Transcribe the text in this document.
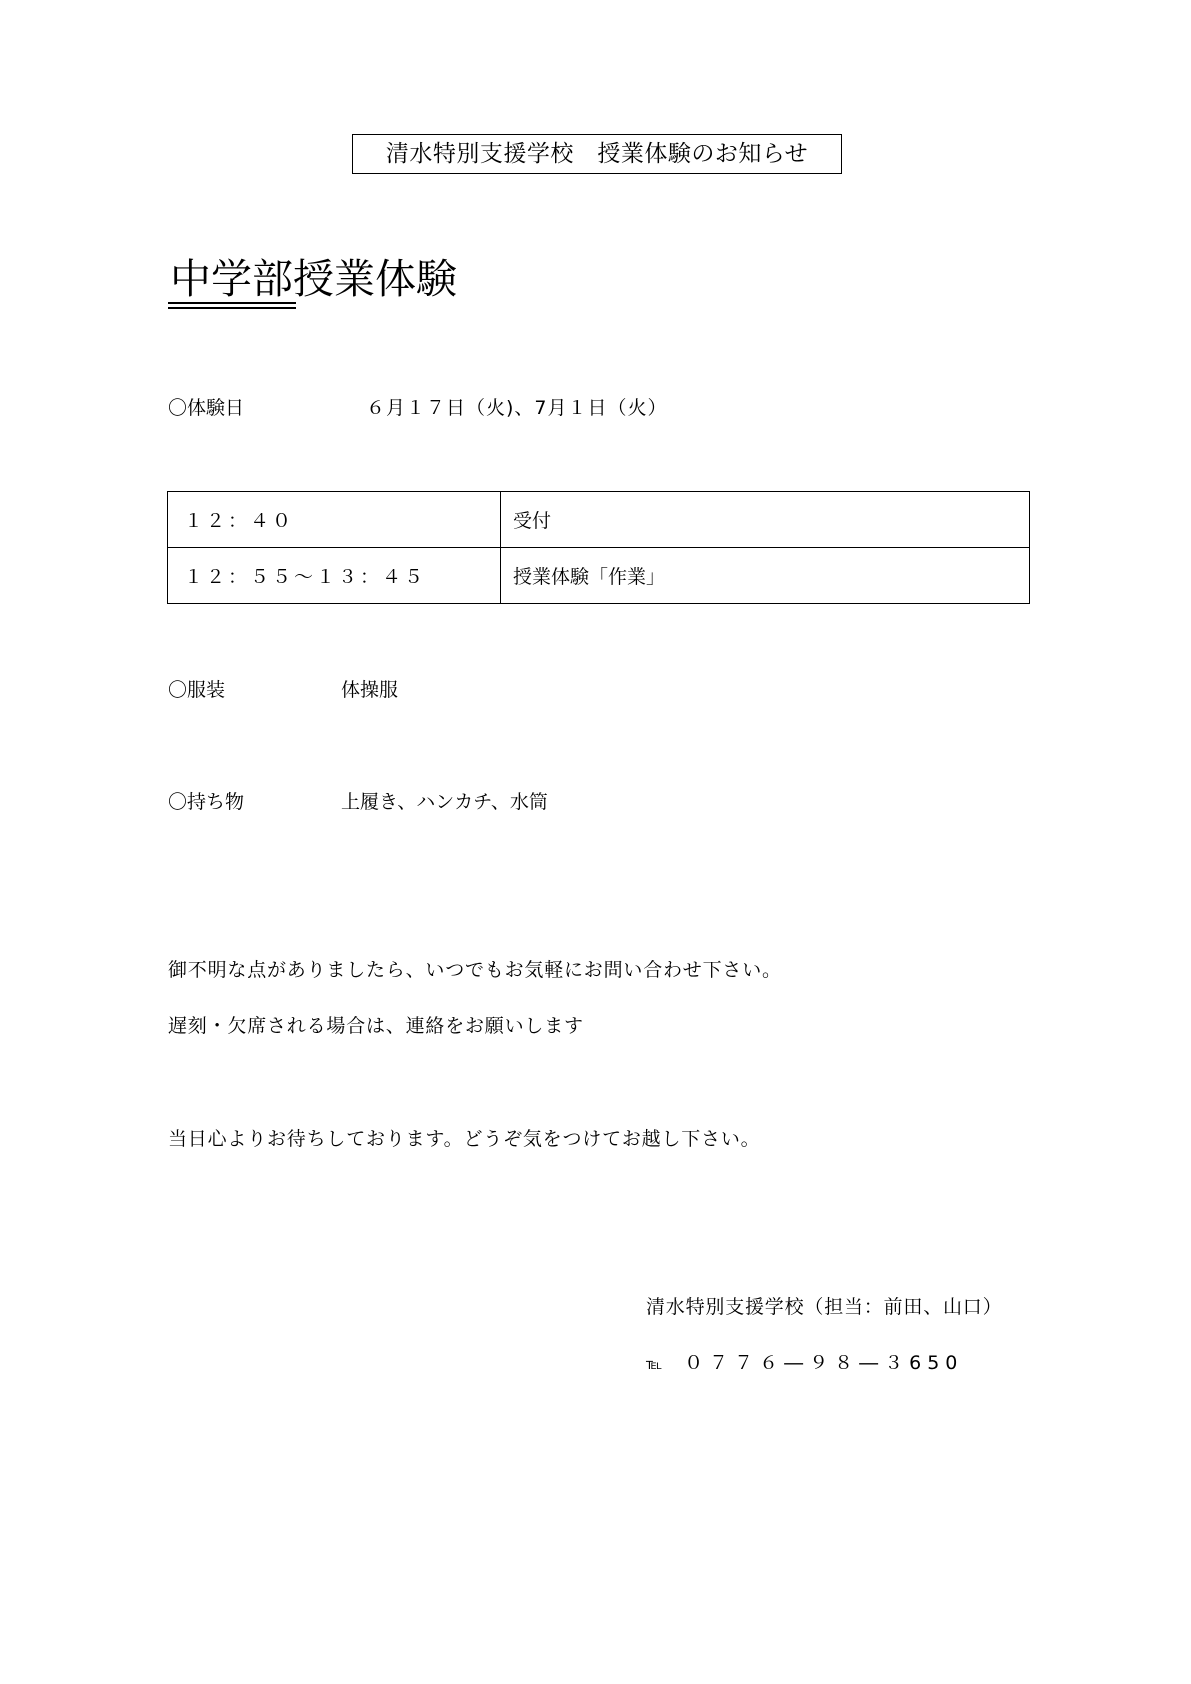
清水特別支援学校　授業体験のお知らせ
中学部授業体験
〇体験日	６月１７日（火)、7月１日（火）
１２：４０	受付
１２：５５～１３：４５	授業体験「作業」
〇服装	体操服
〇持ち物	上履き、ハンカチ、水筒
御不明な点がありましたら、いつでもお気軽にお問い合わせ下さい。
遅刻・欠席される場合は、連絡をお願いします
当日心よりお待ちしております。どうぞ気をつけてお越し下さい。
清水特別支援学校（担当：前田、山口）
℡ ０７７６―９８―３650
